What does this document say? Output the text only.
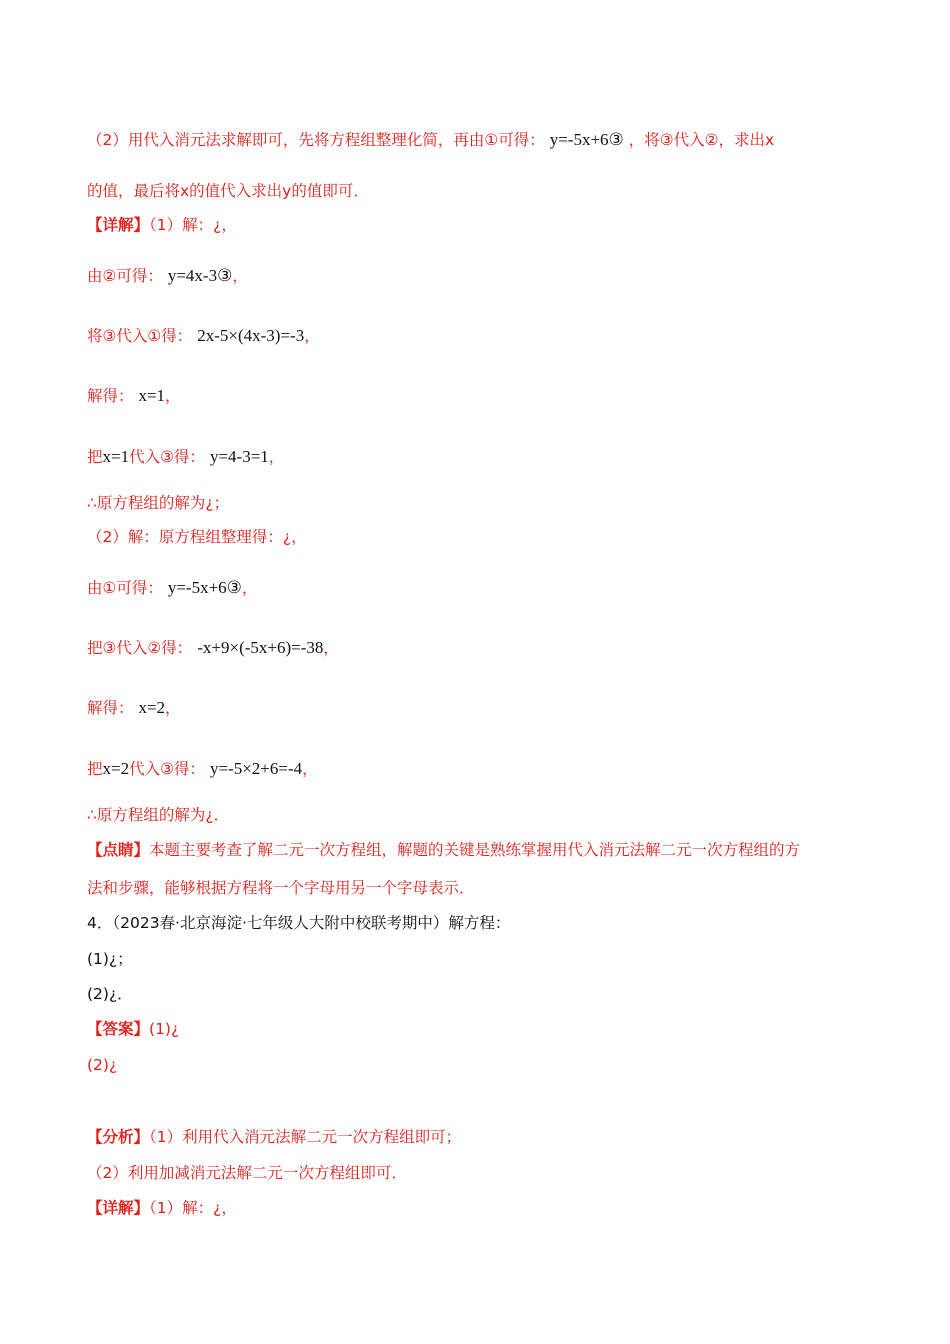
（2）用代入消元法求解即可，先将方程组整理化简，再由①可得： y=-5x+6③ ，将③代入②，求出x
的值，最后将x的值代入求出y的值即可．
【详解】（1）解：¿，
由②可得： y=4x-3③，
将③代入①得： 2x-5×(4x-3)=-3，
解得： x=1，
把x=1代入③得： y=4-3=1，
∴原方程组的解为¿；
（2）解：原方程组整理得：¿，
由①可得： y=-5x+6③，
把③代入②得： -x+9×(-5x+6)=-38，
解得： x=2，
把x=2代入③得： y=-5×2+6=-4，
∴原方程组的解为¿．
【点睛】本题主要考查了解二元一次方程组，解题的关键是熟练掌握用代入消元法解二元一次方程组的方
法和步骤，能够根据方程将一个字母用另一个字母表示．
4．（2023春·北京海淀·七年级人大附中校联考期中）解方程：
(1)¿；
(2)¿．
【答案】(1)¿
(2)¿
【分析】（1）利用代入消元法解二元一次方程组即可；
（2）利用加减消元法解二元一次方程组即可．
【详解】（1）解：¿，
